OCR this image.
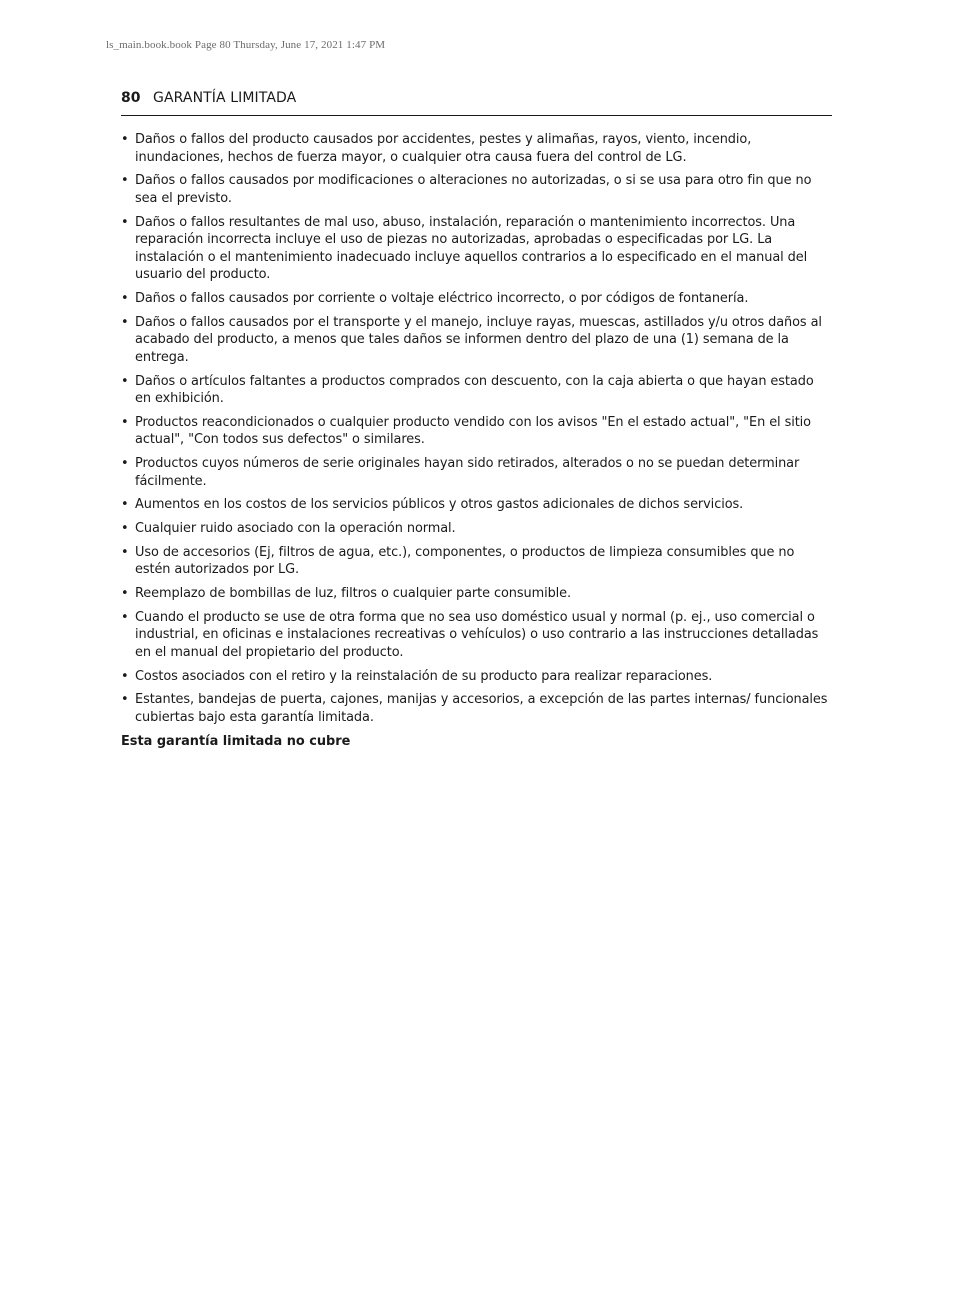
ls_main.book.book Page 80 Thursday, June 17, 2021 1:47 PM
80 GARANTÍA LIMITADA
• Daños o fallos del producto causados por accidentes, pestes y alimañas, rayos, viento, incendio, inundaciones, hechos de fuerza mayor, o cualquier otra causa fuera del control de LG.
• Daños o fallos causados por modificaciones o alteraciones no autorizadas, o si se usa para otro fin que no sea el previsto.
• Daños o fallos resultantes de mal uso, abuso, instalación, reparación o mantenimiento incorrectos. Una reparación incorrecta incluye el uso de piezas no autorizadas, aprobadas o especificadas por LG. La instalación o el mantenimiento inadecuado incluye aquellos contrarios a lo especificado en el manual del usuario del producto.
• Daños o fallos causados por corriente o voltaje eléctrico incorrecto, o por códigos de fontanería.
• Daños o fallos causados por el transporte y el manejo, incluye rayas, muescas, astillados y/u otros daños al acabado del producto, a menos que tales daños se informen dentro del plazo de una (1) semana de la entrega.
• Daños o artículos faltantes a productos comprados con descuento, con la caja abierta o que hayan estado en exhibición.
• Productos reacondicionados o cualquier producto vendido con los avisos "En el estado actual", "En el sitio actual", "Con todos sus defectos" o similares.
• Productos cuyos números de serie originales hayan sido retirados, alterados o no se puedan determinar fácilmente.
• Aumentos en los costos de los servicios públicos y otros gastos adicionales de dichos servicios.
• Cualquier ruido asociado con la operación normal.
• Uso de accesorios (Ej, filtros de agua, etc.), componentes, o productos de limpieza consumibles que no estén autorizados por LG.
• Reemplazo de bombillas de luz, filtros o cualquier parte consumible.
• Cuando el producto se use de otra forma que no sea uso doméstico usual y normal (p. ej., uso comercial o industrial, en oficinas e instalaciones recreativas o vehículos) o uso contrario a las instrucciones detalladas en el manual del propietario del producto.
• Costos asociados con el retiro y la reinstalación de su producto para realizar reparaciones.
• Estantes, bandejas de puerta, cajones, manijas y accesorios, a excepción de las partes internas/ funcionales cubiertas bajo esta garantía limitada.
Esta garantía limitada no cubre
